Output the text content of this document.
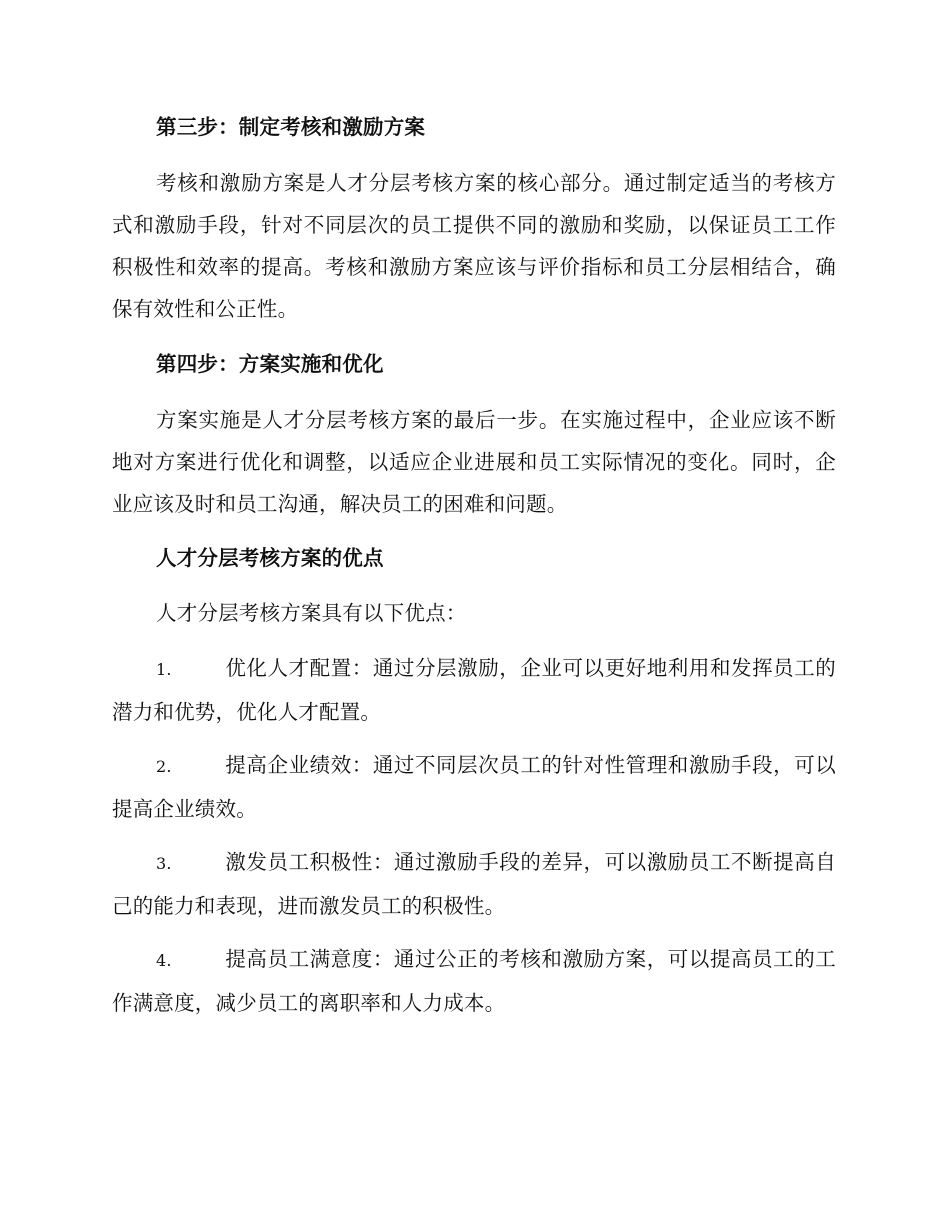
第三步：制定考核和激励方案
考核和激励方案是人才分层考核方案的核心部分。通过制定适当的考核方式和激励手段，针对不同层次的员工提供不同的激励和奖励，以保证员工工作积极性和效率的提高。考核和激励方案应该与评价指标和员工分层相结合，确保有效性和公正性。
第四步：方案实施和优化
方案实施是人才分层考核方案的最后一步。在实施过程中，企业应该不断地对方案进行优化和调整，以适应企业进展和员工实际情况的变化。同时，企业应该及时和员工沟通，解决员工的困难和问题。
人才分层考核方案的优点
人才分层考核方案具有以下优点：
1.	优化人才配置：通过分层激励，企业可以更好地利用和发挥员工的潜力和优势，优化人才配置。
2.	提高企业绩效：通过不同层次员工的针对性管理和激励手段，可以提高企业绩效。
3.	激发员工积极性：通过激励手段的差异，可以激励员工不断提高自己的能力和表现，进而激发员工的积极性。
4.	提高员工满意度：通过公正的考核和激励方案，可以提高员工的工作满意度，减少员工的离职率和人力成本。
